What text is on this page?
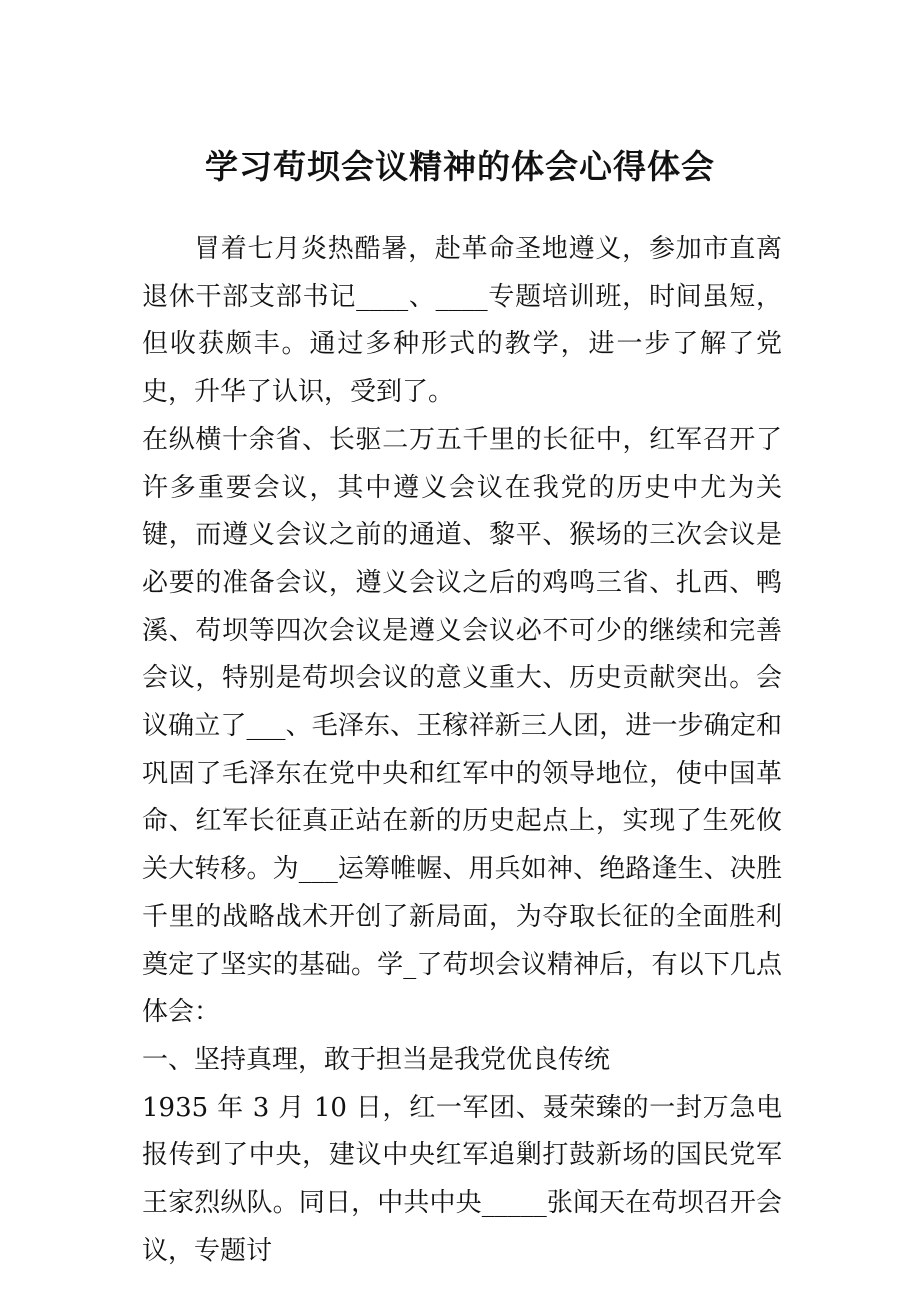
学习苟坝会议精神的体会心得体会

冒着七月炎热酷暑，赴革命圣地遵义，参加市直离退休干部支部书记____、____专题培训班，时间虽短，但收获颇丰。通过多种形式的教学，进一步了解了党史，升华了认识，受到了。

在纵横十余省、长驱二万五千里的长征中，红军召开了许多重要会议，其中遵义会议在我党的历史中尤为关键，而遵义会议之前的通道、黎平、猴场的三次会议是必要的准备会议，遵义会议之后的鸡鸣三省、扎西、鸭溪、苟坝等四次会议是遵义会议必不可少的继续和完善会议，特别是苟坝会议的意义重大、历史贡献突出。会议确立了___、毛泽东、王稼祥新三人团，进一步确定和巩固了毛泽东在党中央和红军中的领导地位，使中国革命、红军长征真正站在新的历史起点上，实现了生死攸关大转移。为___运筹帷幄、用兵如神、绝路逢生、决胜千里的战略战术开创了新局面，为夺取长征的全面胜利奠定了坚实的基础。学_了苟坝会议精神后，有以下几点体会：

一、坚持真理，敢于担当是我党优良传统

1935 年 3 月 10 日，红一军团、聂荣臻的一封万急电报传到了中央，建议中央红军追剿打鼓新场的国民党军王家烈纵队。同日，中共中央_____张闻天在苟坝召开会议，专题讨
